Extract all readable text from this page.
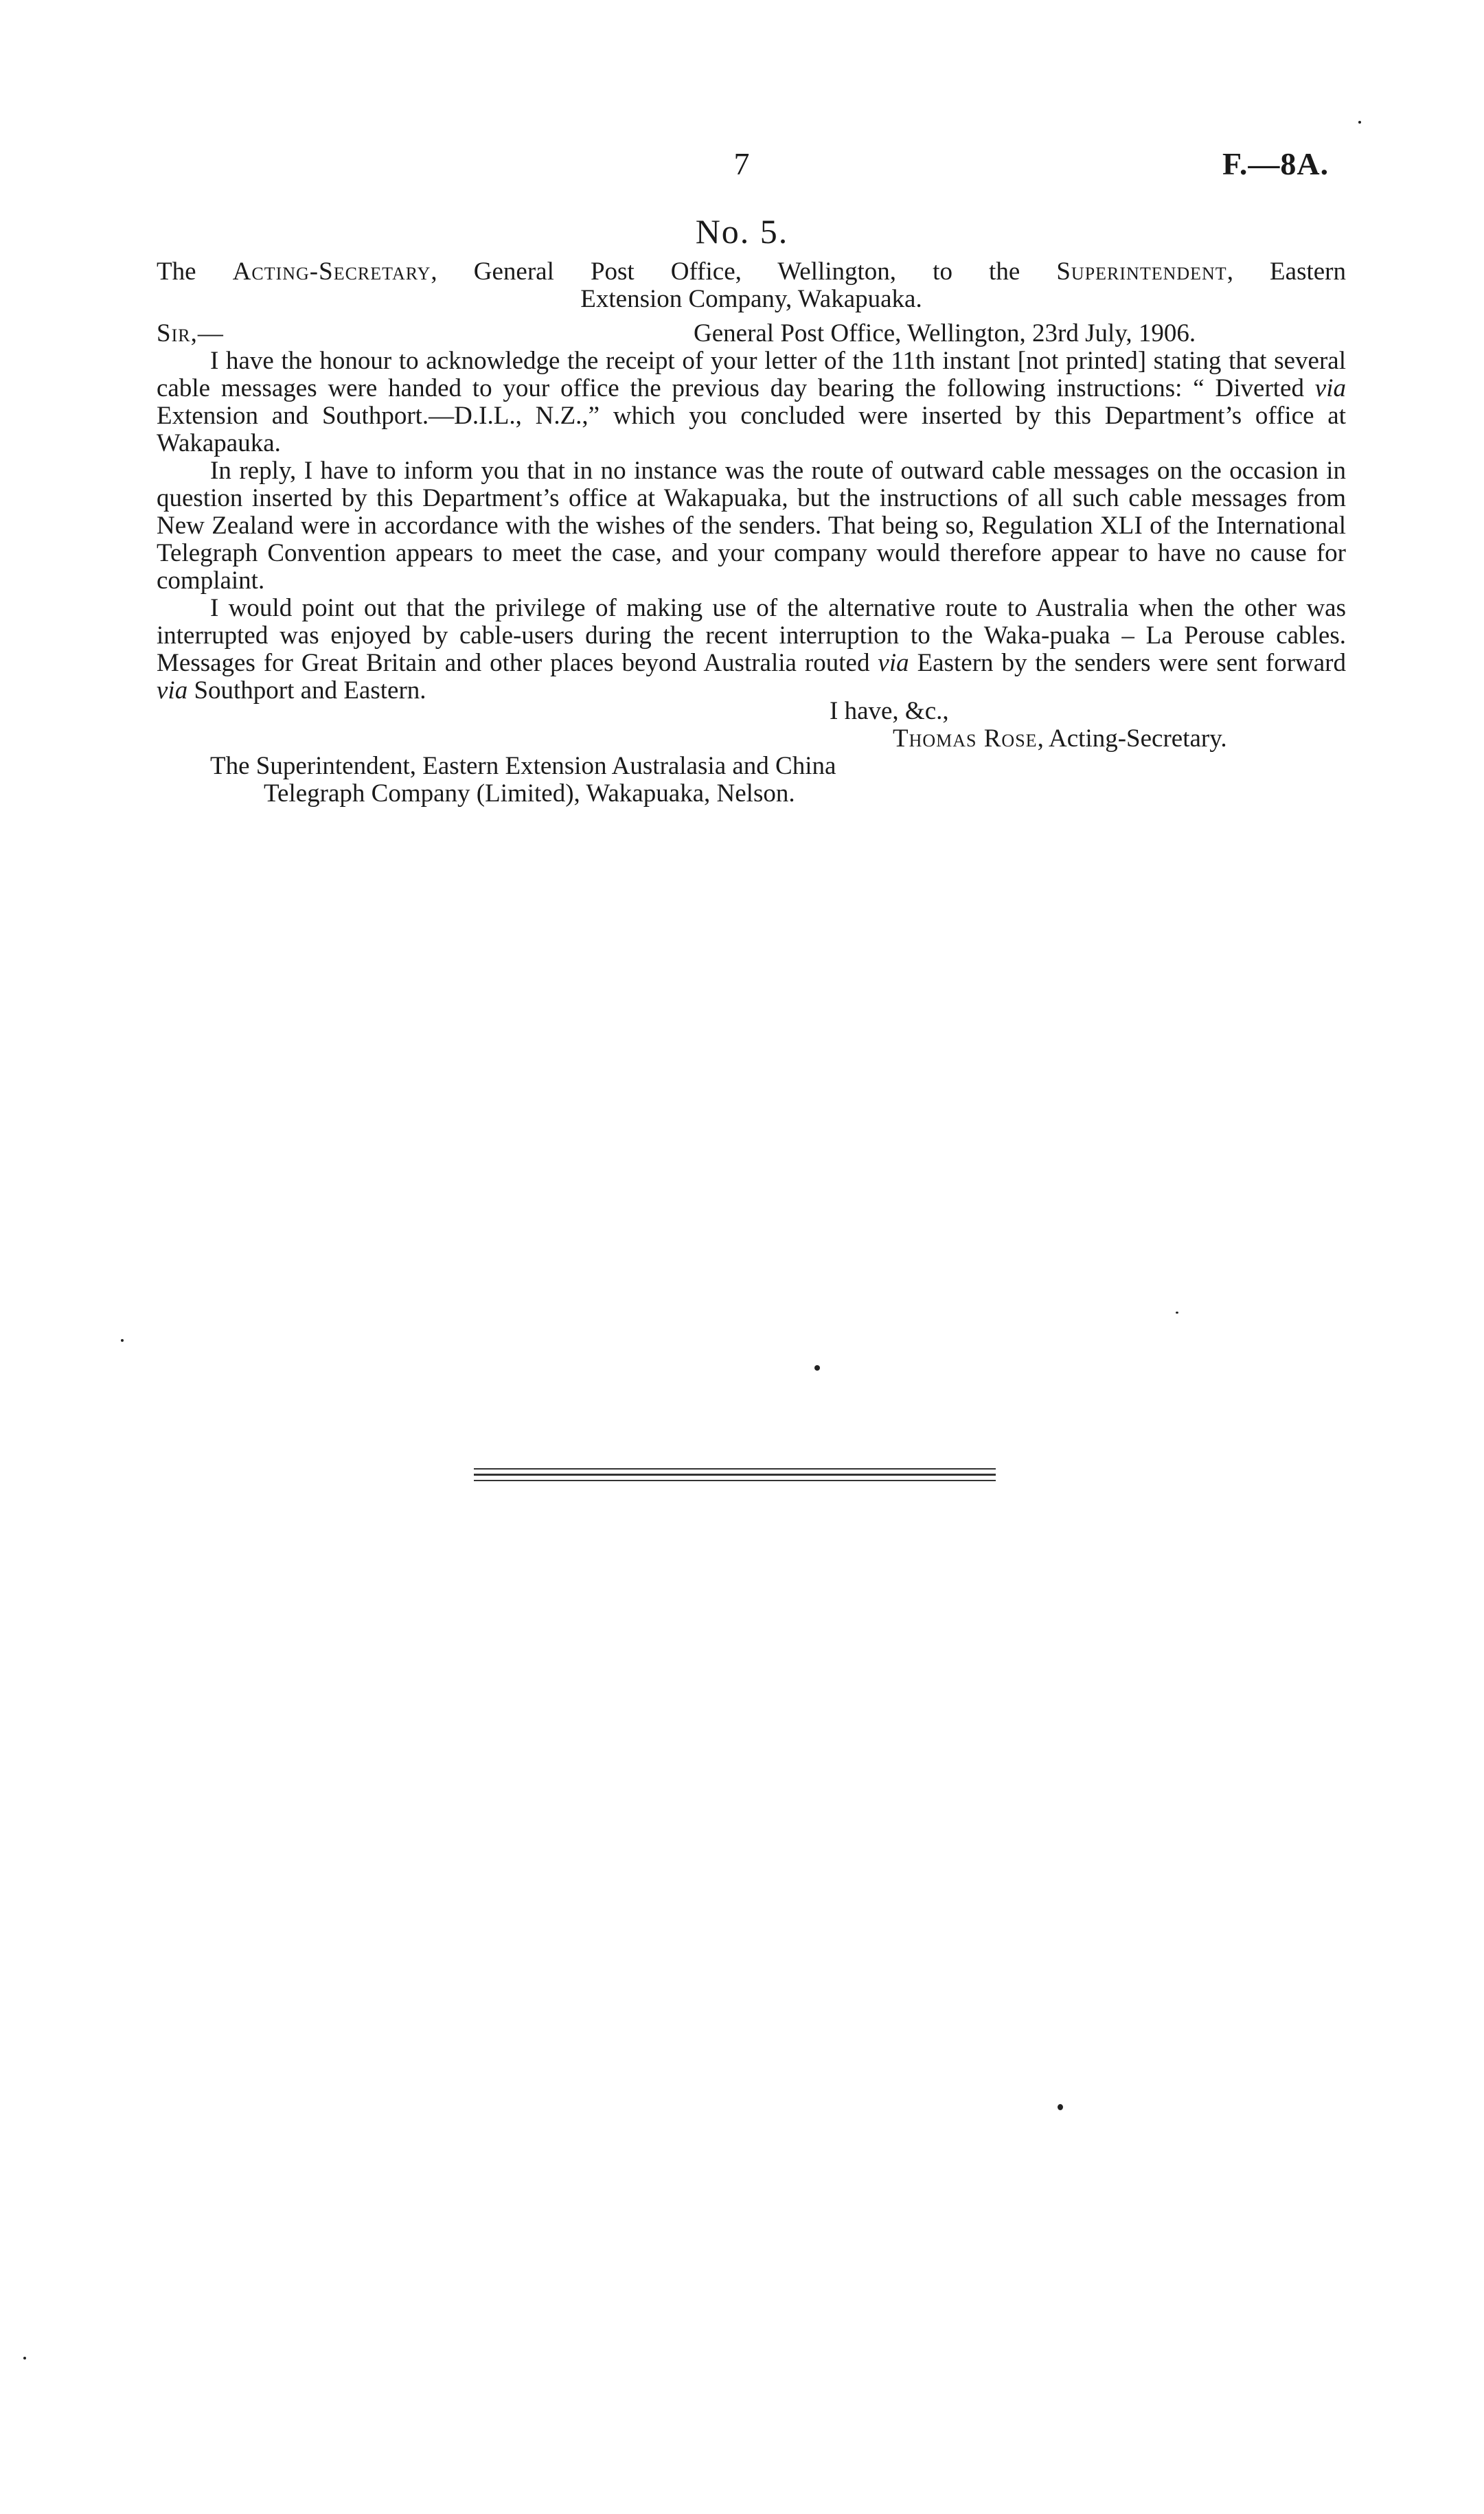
7	F.—8A.
No. 5.
The Acting-Secretary, General Post Office, Wellington, to the Superintendent, Eastern
Extension Company, Wakapuaka.
Sir,—	General Post Office, Wellington, 23rd July, 1906.

I have the honour to acknowledge the receipt of your letter of the 11th instant [not printed] stating that several cable messages were handed to your office the previous day bearing the following instructions: “ Diverted via Extension and Southport.—D.I.L., N.Z.,” which you concluded were inserted by this Department’s office at Wakapauka.

In reply, I have to inform you that in no instance was the route of outward cable messages on the occasion in question inserted by this Department’s office at Wakapuaka, but the instructions of all such cable messages from New Zealand were in accordance with the wishes of the senders. That being so, Regulation XLI of the International Telegraph Convention appears to meet the case, and your company would therefore appear to have no cause for complaint.

I would point out that the privilege of making use of the alternative route to Australia when the other was interrupted was enjoyed by cable-users during the recent interruption to the Waka-puaka – La Perouse cables. Messages for Great Britain and other places beyond Australia routed via Eastern by the senders were sent forward via Southport and Eastern.

I have, &c.,
Thomas Rose, Acting-Secretary.
The Superintendent, Eastern Extension Australasia and China
Telegraph Company (Limited), Wakapuaka, Nelson.
